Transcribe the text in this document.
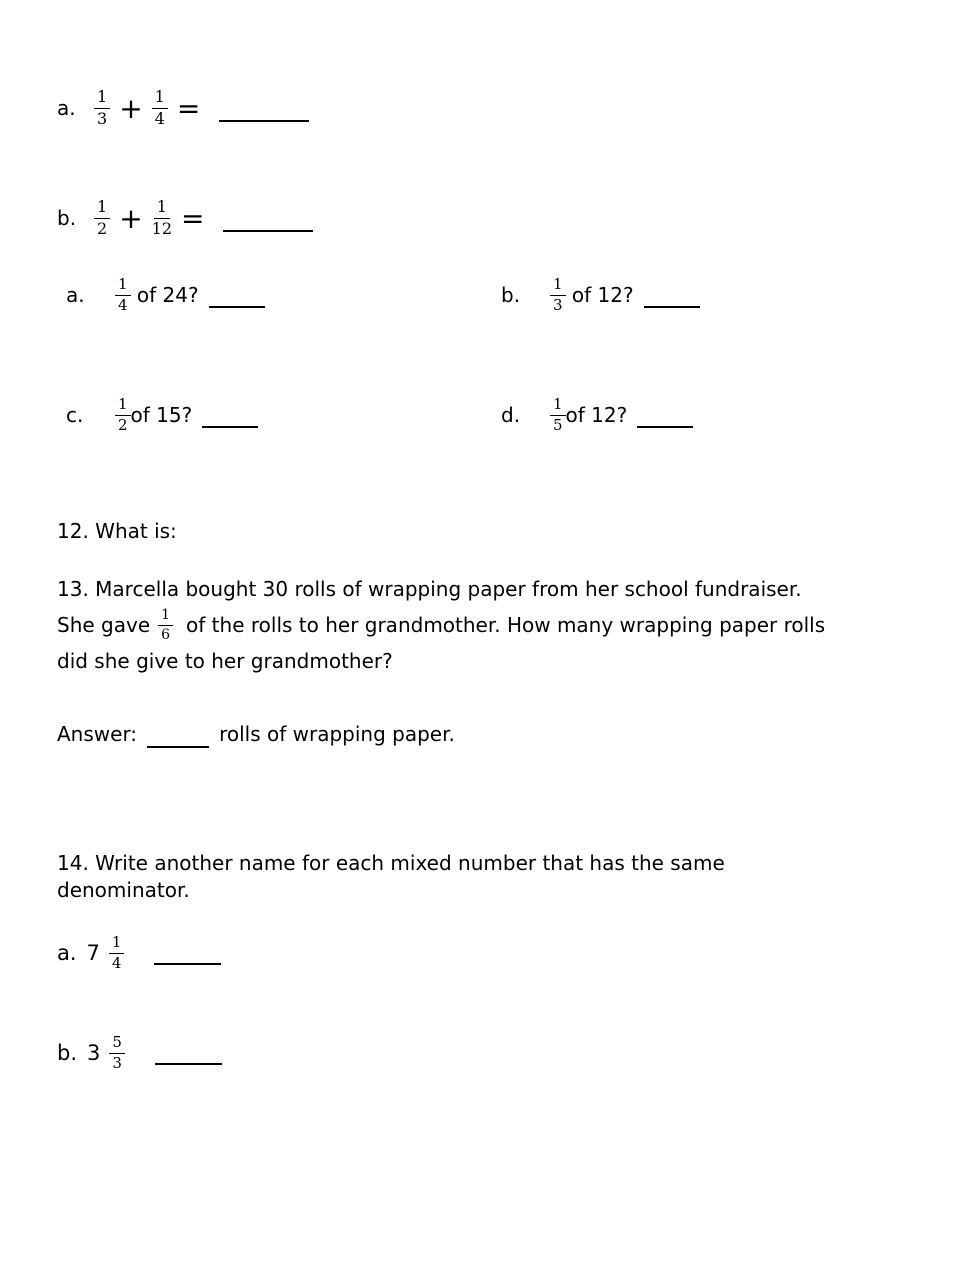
a.	$\frac{1}{3} + \frac{1}{4}$ =
b.	$\frac{1}{2} + \frac{1}{12}$ =
a.	$\frac{1}{4}$ of 24?	b.	$\frac{1}{3}$ of 12?
c.	$\frac{1}{2}$ of 15?	d.	$\frac{1}{5}$ of 12?
12. What is:
13. Marcella bought 30 rolls of wrapping paper from her school fundraiser.
She gave $\frac{1}{6}$ of the rolls to her grandmother. How many wrapping paper rolls
did she give to her grandmother?
Answer:	rolls of wrapping paper.
14. Write another name for each mixed number that has the same
denominator.
a. $7 \frac{1}{4}$
b. $3 \frac{5}{3}$
